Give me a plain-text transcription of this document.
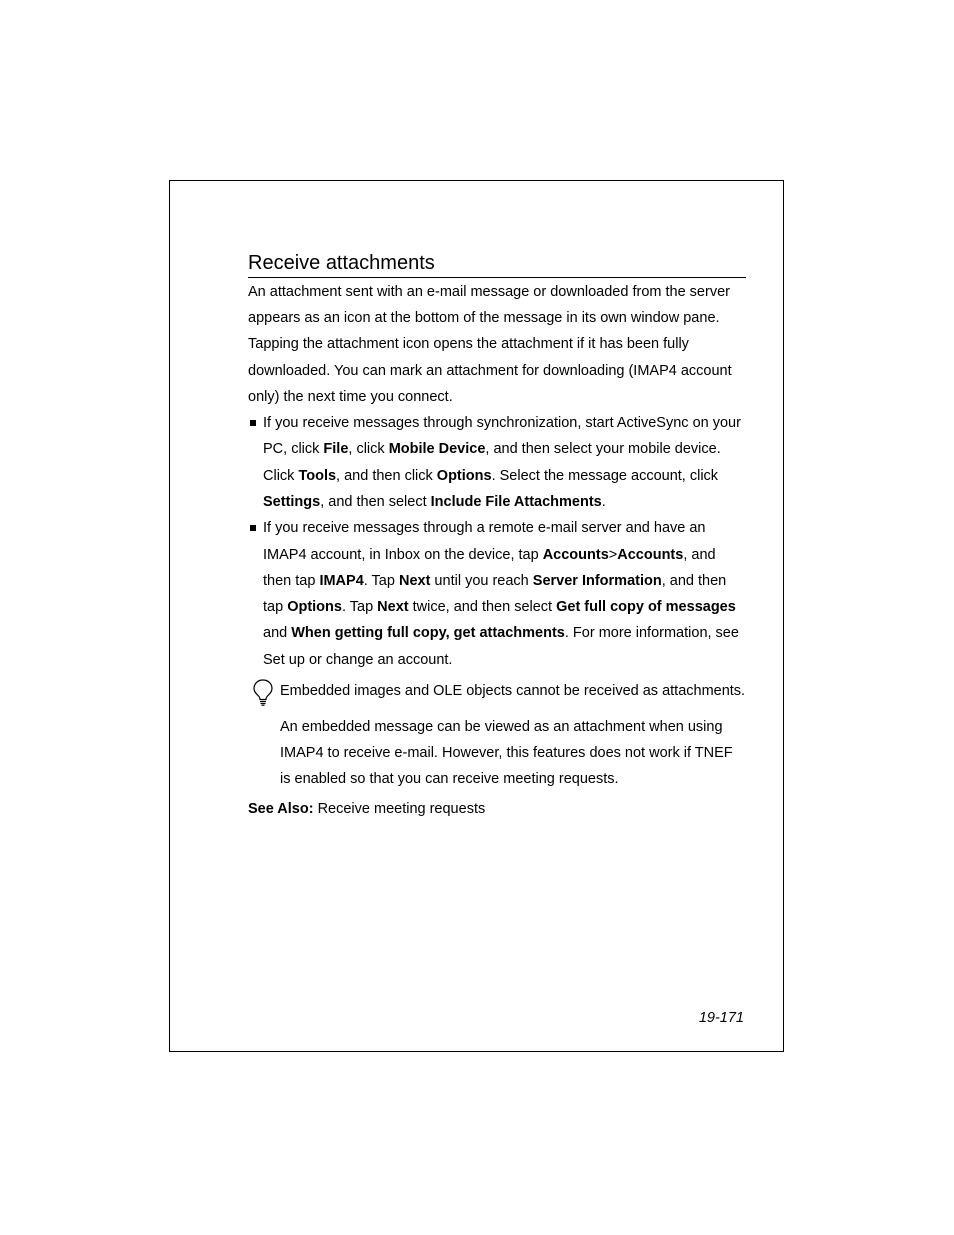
Receive attachments

An attachment sent with an e-mail message or downloaded from the server appears as an icon at the bottom of the message in its own window pane. Tapping the attachment icon opens the attachment if it has been fully downloaded. You can mark an attachment for downloading (IMAP4 account only) the next time you connect.

If you receive messages through synchronization, start ActiveSync on your PC, click File, click Mobile Device, and then select your mobile device. Click Tools, and then click Options. Select the message account, click Settings, and then select Include File Attachments.
If you receive messages through a remote e-mail server and have an IMAP4 account, in Inbox on the device, tap Accounts>Accounts, and then tap IMAP4. Tap Next until you reach Server Information, and then tap Options. Tap Next twice, and then select Get full copy of messages and When getting full copy, get attachments. For more information, see Set up or change an account.
Embedded images and OLE objects cannot be received as attachments.
An embedded message can be viewed as an attachment when using IMAP4 to receive e-mail. However, this features does not work if TNEF is enabled so that you can receive meeting requests.
See Also: Receive meeting requests
19-171
